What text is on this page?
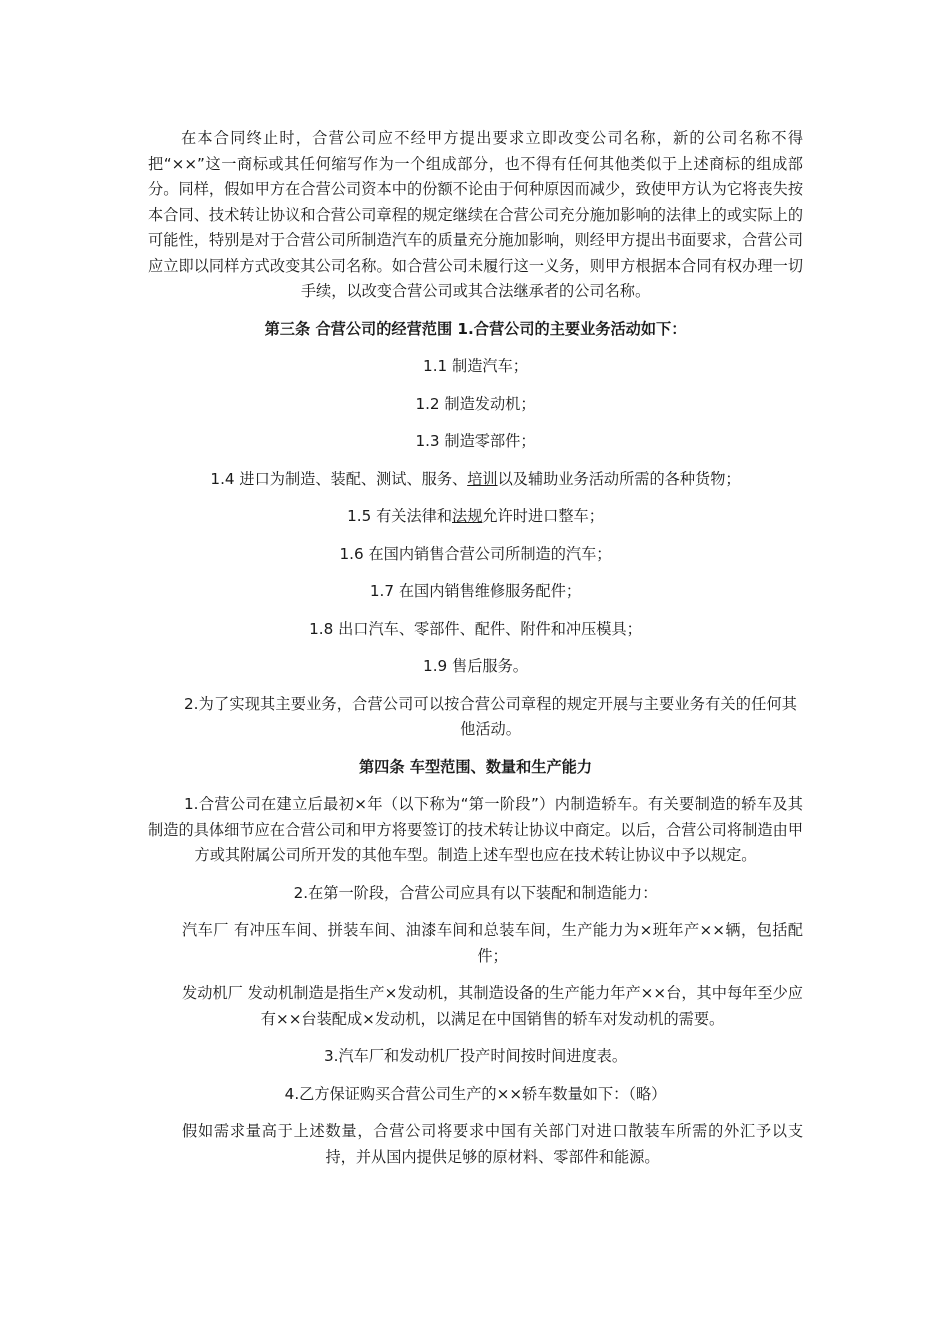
在本合同终止时，合营公司应不经甲方提出要求立即改变公司名称，新的公司名称不得把“××”这一商标或其任何缩写作为一个组成部分，也不得有任何其他类似于上述商标的组成部分。同样，假如甲方在合营公司资本中的份额不论由于何种原因而减少，致使甲方认为它将丧失按本合同、技术转让协议和合营公司章程的规定继续在合营公司充分施加影响的法律上的或实际上的可能性，特别是对于合营公司所制造汽车的质量充分施加影响，则经甲方提出书面要求，合营公司应立即以同样方式改变其公司名称。如合营公司未履行这一义务，则甲方根据本合同有权办理一切手续，以改变合营公司或其合法继承者的公司名称。

第三条 合营公司的经营范围 1.合营公司的主要业务活动如下：

1.1 制造汽车；

1.2 制造发动机；

1.3 制造零部件；

1.4 进口为制造、装配、测试、服务、培训以及辅助业务活动所需的各种货物；

1.5 有关法律和法规允许时进口整车；

1.6 在国内销售合营公司所制造的汽车；

1.7 在国内销售维修服务配件；

1.8 出口汽车、零部件、配件、附件和冲压模具；

1.9 售后服务。

2.为了实现其主要业务，合营公司可以按合营公司章程的规定开展与主要业务有关的任何其他活动。

第四条 车型范围、数量和生产能力

1.合营公司在建立后最初×年（以下称为“第一阶段”）内制造轿车。有关要制造的轿车及其制造的具体细节应在合营公司和甲方将要签订的技术转让协议中商定。以后，合营公司将制造由甲方或其附属公司所开发的其他车型。制造上述车型也应在技术转让协议中予以规定。

2.在第一阶段，合营公司应具有以下装配和制造能力：

汽车厂 有冲压车间、拼装车间、油漆车间和总装车间，生产能力为×班年产××辆，包括配件；

发动机厂 发动机制造是指生产×发动机，其制造设备的生产能力年产××台，其中每年至少应有××台装配成×发动机，以满足在中国销售的轿车对发动机的需要。

3.汽车厂和发动机厂投产时间按时间进度表。

4.乙方保证购买合营公司生产的××轿车数量如下：（略）

假如需求量高于上述数量，合营公司将要求中国有关部门对进口散装车所需的外汇予以支持，并从国内提供足够的原材料、零部件和能源。
